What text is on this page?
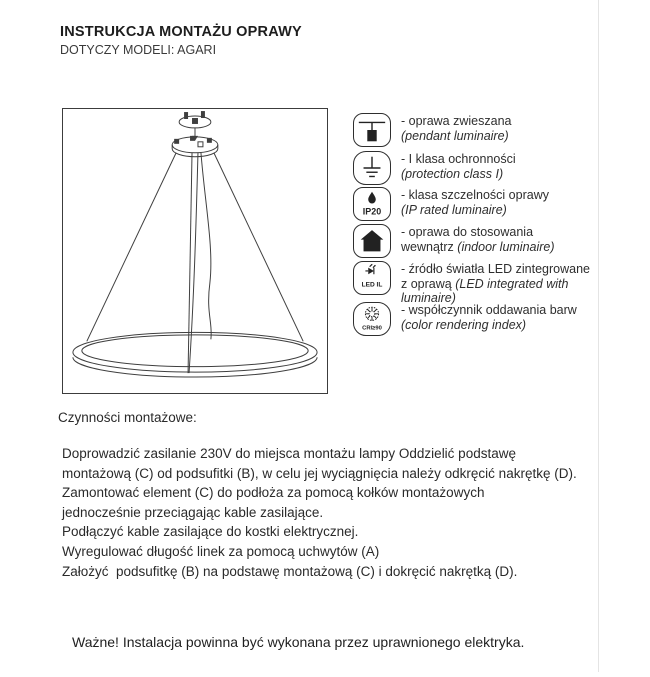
INSTRUKCJA MONTAŻU OPRAWY
DOTYCZY MODELI: AGARI
- oprawa zwieszana
(pendant luminaire)
- I klasa ochronności
(protection class I)
IP20
- klasa szczelności oprawy
(IP rated luminaire)
- oprawa do stosowania
wewnątrz (indoor luminaire)
LED IL
- źródło światła LED zintegrowane
z oprawą (LED integrated with
luminaire)
CRI≥90
- współczynnik oddawania barw
(color rendering index)
Czynności montażowe:
Doprowadzić zasilanie 230V do miejsca montażu lampy Oddzielić podstawę
montażową (C) od podsufitki (B), w celu jej wyciągnięcia należy odkręcić nakrętkę (D).
Zamontować element (C) do podłoża za pomocą kołków montażowych
jednocześnie przeciągając kable zasilające.
Podłączyć kable zasilające do kostki elektrycznej.
Wyregulować długość linek za pomocą uchwytów (A)
Założyć  podsufitkę (B) na podstawę montażową (C) i dokręcić nakrętką (D).
Ważne! Instalacja powinna być wykonana przez uprawnionego elektryka.
